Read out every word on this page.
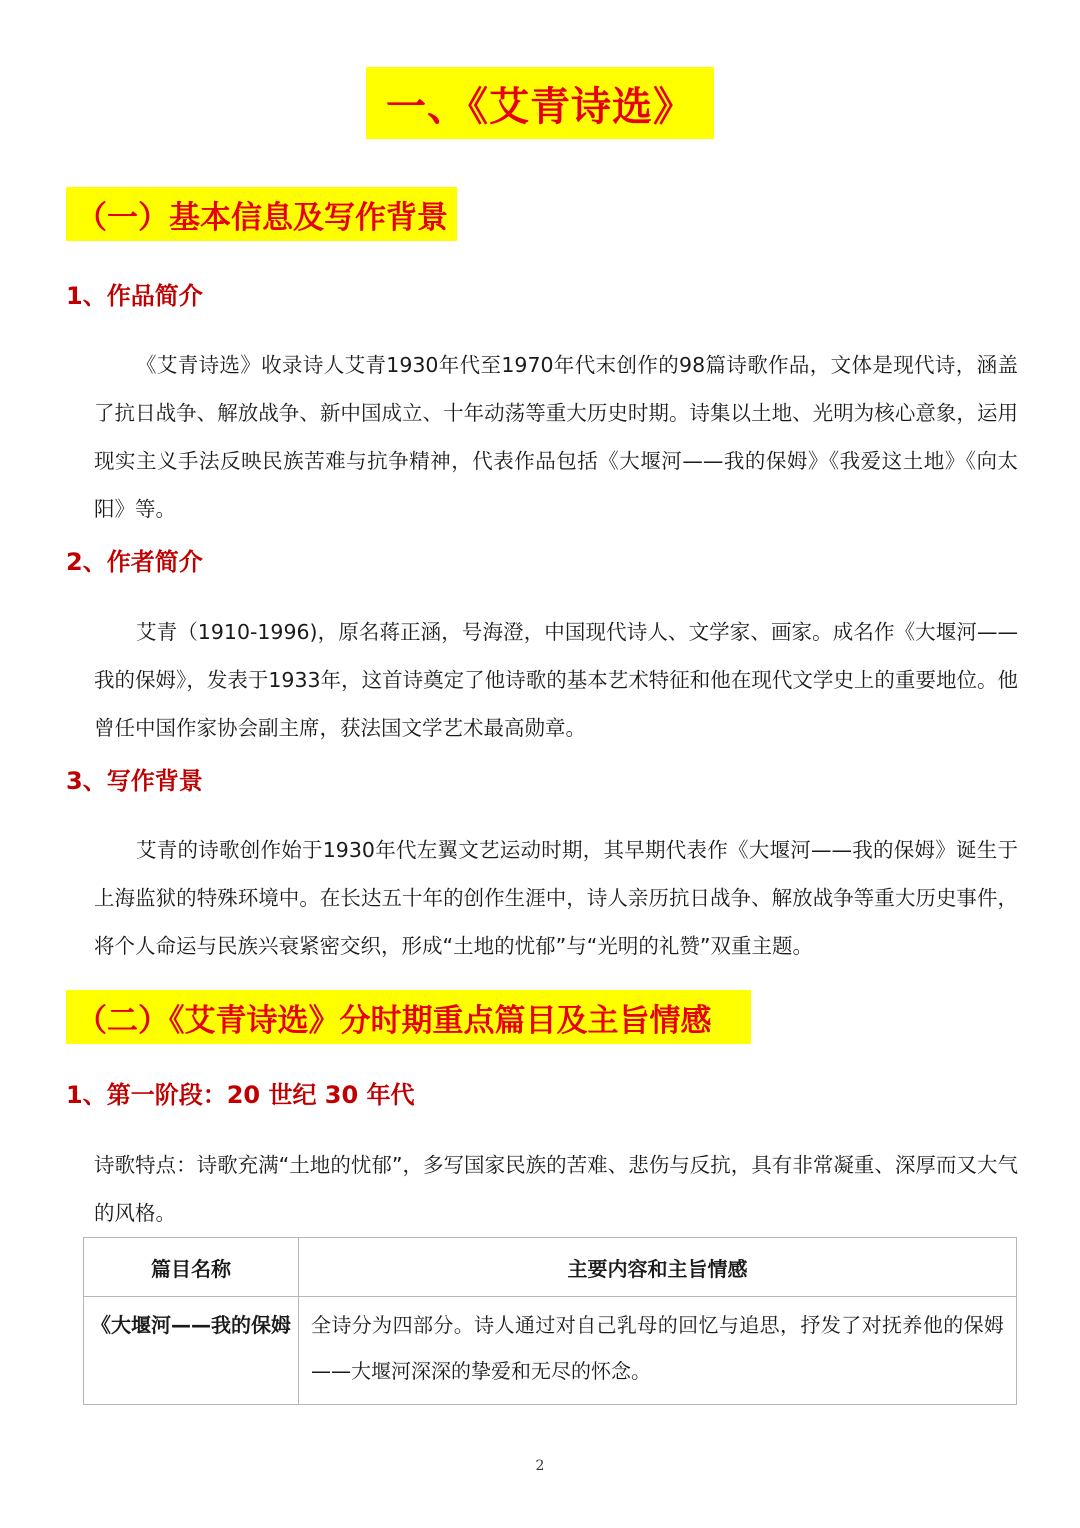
一、《艾青诗选》
（一）基本信息及写作背景
1、作品简介

《艾青诗选》收录诗人艾青1930年代至1970年代末创作的98篇诗歌作品，文体是现代诗，涵盖了抗日战争、解放战争、新中国成立、十年动荡等重大历史时期。诗集以土地、光明为核心意象，运用现实主义手法反映民族苦难与抗争精神，代表作品包括《大堰河——我的保姆》《我爱这土地》《向太阳》等。

2、作者简介

艾青（1910-1996)，原名蒋正涵，号海澄，中国现代诗人、文学家、画家。成名作《大堰河——我的保姆》，发表于1933年，这首诗奠定了他诗歌的基本艺术特征和他在现代文学史上的重要地位。他曾任中国作家协会副主席，获法国文学艺术最高勋章。

3、写作背景

艾青的诗歌创作始于1930年代左翼文艺运动时期，其早期代表作《大堰河——我的保姆》诞生于上海监狱的特殊环境中。在长达五十年的创作生涯中，诗人亲历抗日战争、解放战争等重大历史事件，将个人命运与民族兴衰紧密交织，形成“土地的忧郁”与“光明的礼赞”双重主题。

（二）《艾青诗选》分时期重点篇目及主旨情感
1、第一阶段：20 世纪 30 年代

诗歌特点：诗歌充满“土地的忧郁”，多写国家民族的苦难、悲伤与反抗，具有非常凝重、深厚而又大气的风格。

篇目名称	主要内容和主旨情感
《大堰河——我的保姆	全诗分为四部分。诗人通过对自己乳母的回忆与追思，抒发了对抚养他的保姆——大堰河深深的挚爱和无尽的怀念。
2
